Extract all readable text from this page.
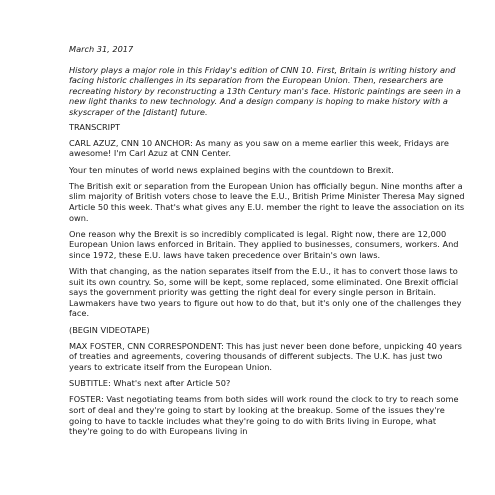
March 31, 2017
History plays a major role in this Friday's edition of CNN 10. First, Britain is writing history and facing historic challenges in its separation from the European Union. Then, researchers are recreating history by reconstructing a 13th Century man's face. Historic paintings are seen in a new light thanks to new technology. And a design company is hoping to make history with a skyscraper of the [distant] future.
TRANSCRIPT
CARL AZUZ, CNN 10 ANCHOR: As many as you saw on a meme earlier this week, Fridays are awesome! I'm Carl Azuz at CNN Center.
Your ten minutes of world news explained begins with the countdown to Brexit.
The British exit or separation from the European Union has officially begun. Nine months after a slim majority of British voters chose to leave the E.U., British Prime Minister Theresa May signed Article 50 this week. That's what gives any E.U. member the right to leave the association on its own.
One reason why the Brexit is so incredibly complicated is legal. Right now, there are 12,000 European Union laws enforced in Britain. They applied to businesses, consumers, workers. And since 1972, these E.U. laws have taken precedence over Britain's own laws.
With that changing, as the nation separates itself from the E.U., it has to convert those laws to suit its own country. So, some will be kept, some replaced, some eliminated. One Brexit official says the government priority was getting the right deal for every single person in Britain. Lawmakers have two years to figure out how to do that, but it's only one of the challenges they face.
(BEGIN VIDEOTAPE)
MAX FOSTER, CNN CORRESPONDENT: This has just never been done before, unpicking 40 years of treaties and agreements, covering thousands of different subjects. The U.K. has just two years to extricate itself from the European Union.
SUBTITLE: What's next after Article 50?
FOSTER: Vast negotiating teams from both sides will work round the clock to try to reach some sort of deal and they're going to start by looking at the breakup. Some of the issues they're going to have to tackle includes what they're going to do with Brits living in Europe, what they're going to do with Europeans living in
